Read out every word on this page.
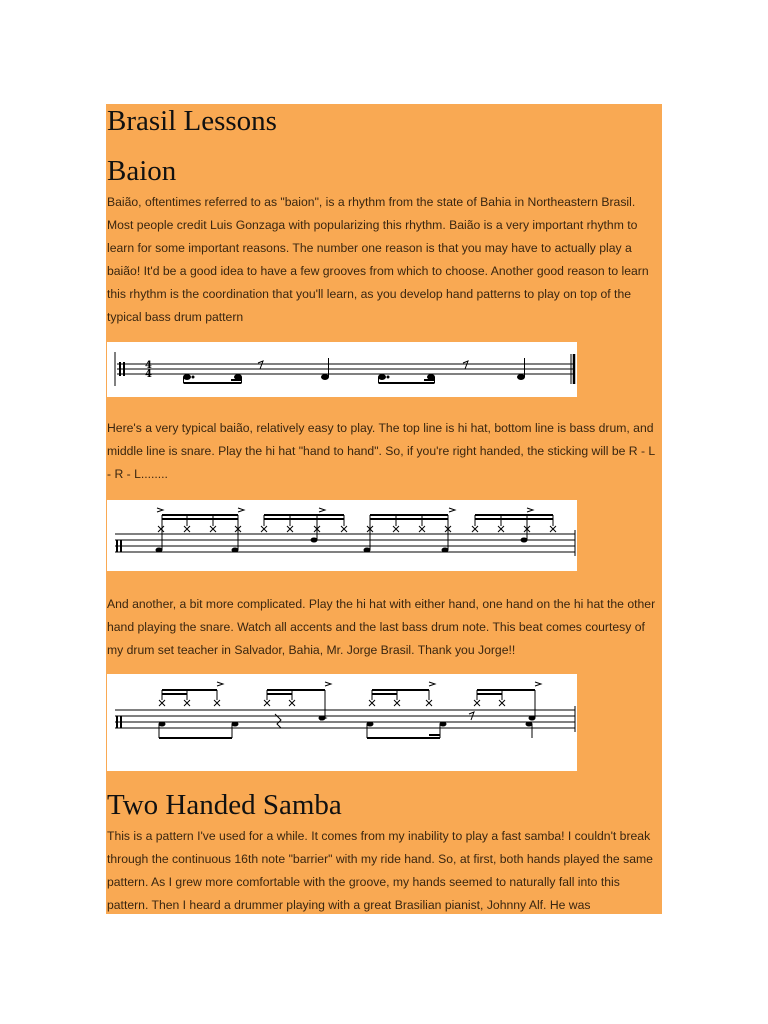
Brasil Lessons
Baion

Baião, oftentimes referred to as "baion", is a rhythm from the state of Bahia in Northeastern Brasil. Most people credit Luis Gonzaga with popularizing this rhythm. Baião is a very important rhythm to learn for some important reasons. The number one reason is that you may have to actually play a baião! It'd be a good idea to have a few grooves from which to choose. Another good reason to learn this rhythm is the coordination that you'll learn, as you develop hand patterns to play on top of the typical bass drum pattern

4
4

Here's a very typical baião, relatively easy to play. The top line is hi hat, bottom line is bass drum, and middle line is snare. Play the hi hat "hand to hand". So, if you're right handed, the sticking will be R - L - R - L........

And another, a bit more complicated. Play the hi hat with either hand, one hand on the hi hat the other hand playing the snare. Watch all accents and the last bass drum note. This beat comes courtesy of my drum set teacher in Salvador, Bahia, Mr. Jorge Brasil. Thank you Jorge!!

Two Handed Samba

This is a pattern I've used for a while. It comes from my inability to play a fast samba! I couldn't break through the continuous 16th note "barrier" with my ride hand. So, at first, both hands played the same pattern. As I grew more comfortable with the groove, my hands seemed to naturally fall into this pattern. Then I heard a drummer playing with a great Brasilian pianist, Johnny Alf. He was
